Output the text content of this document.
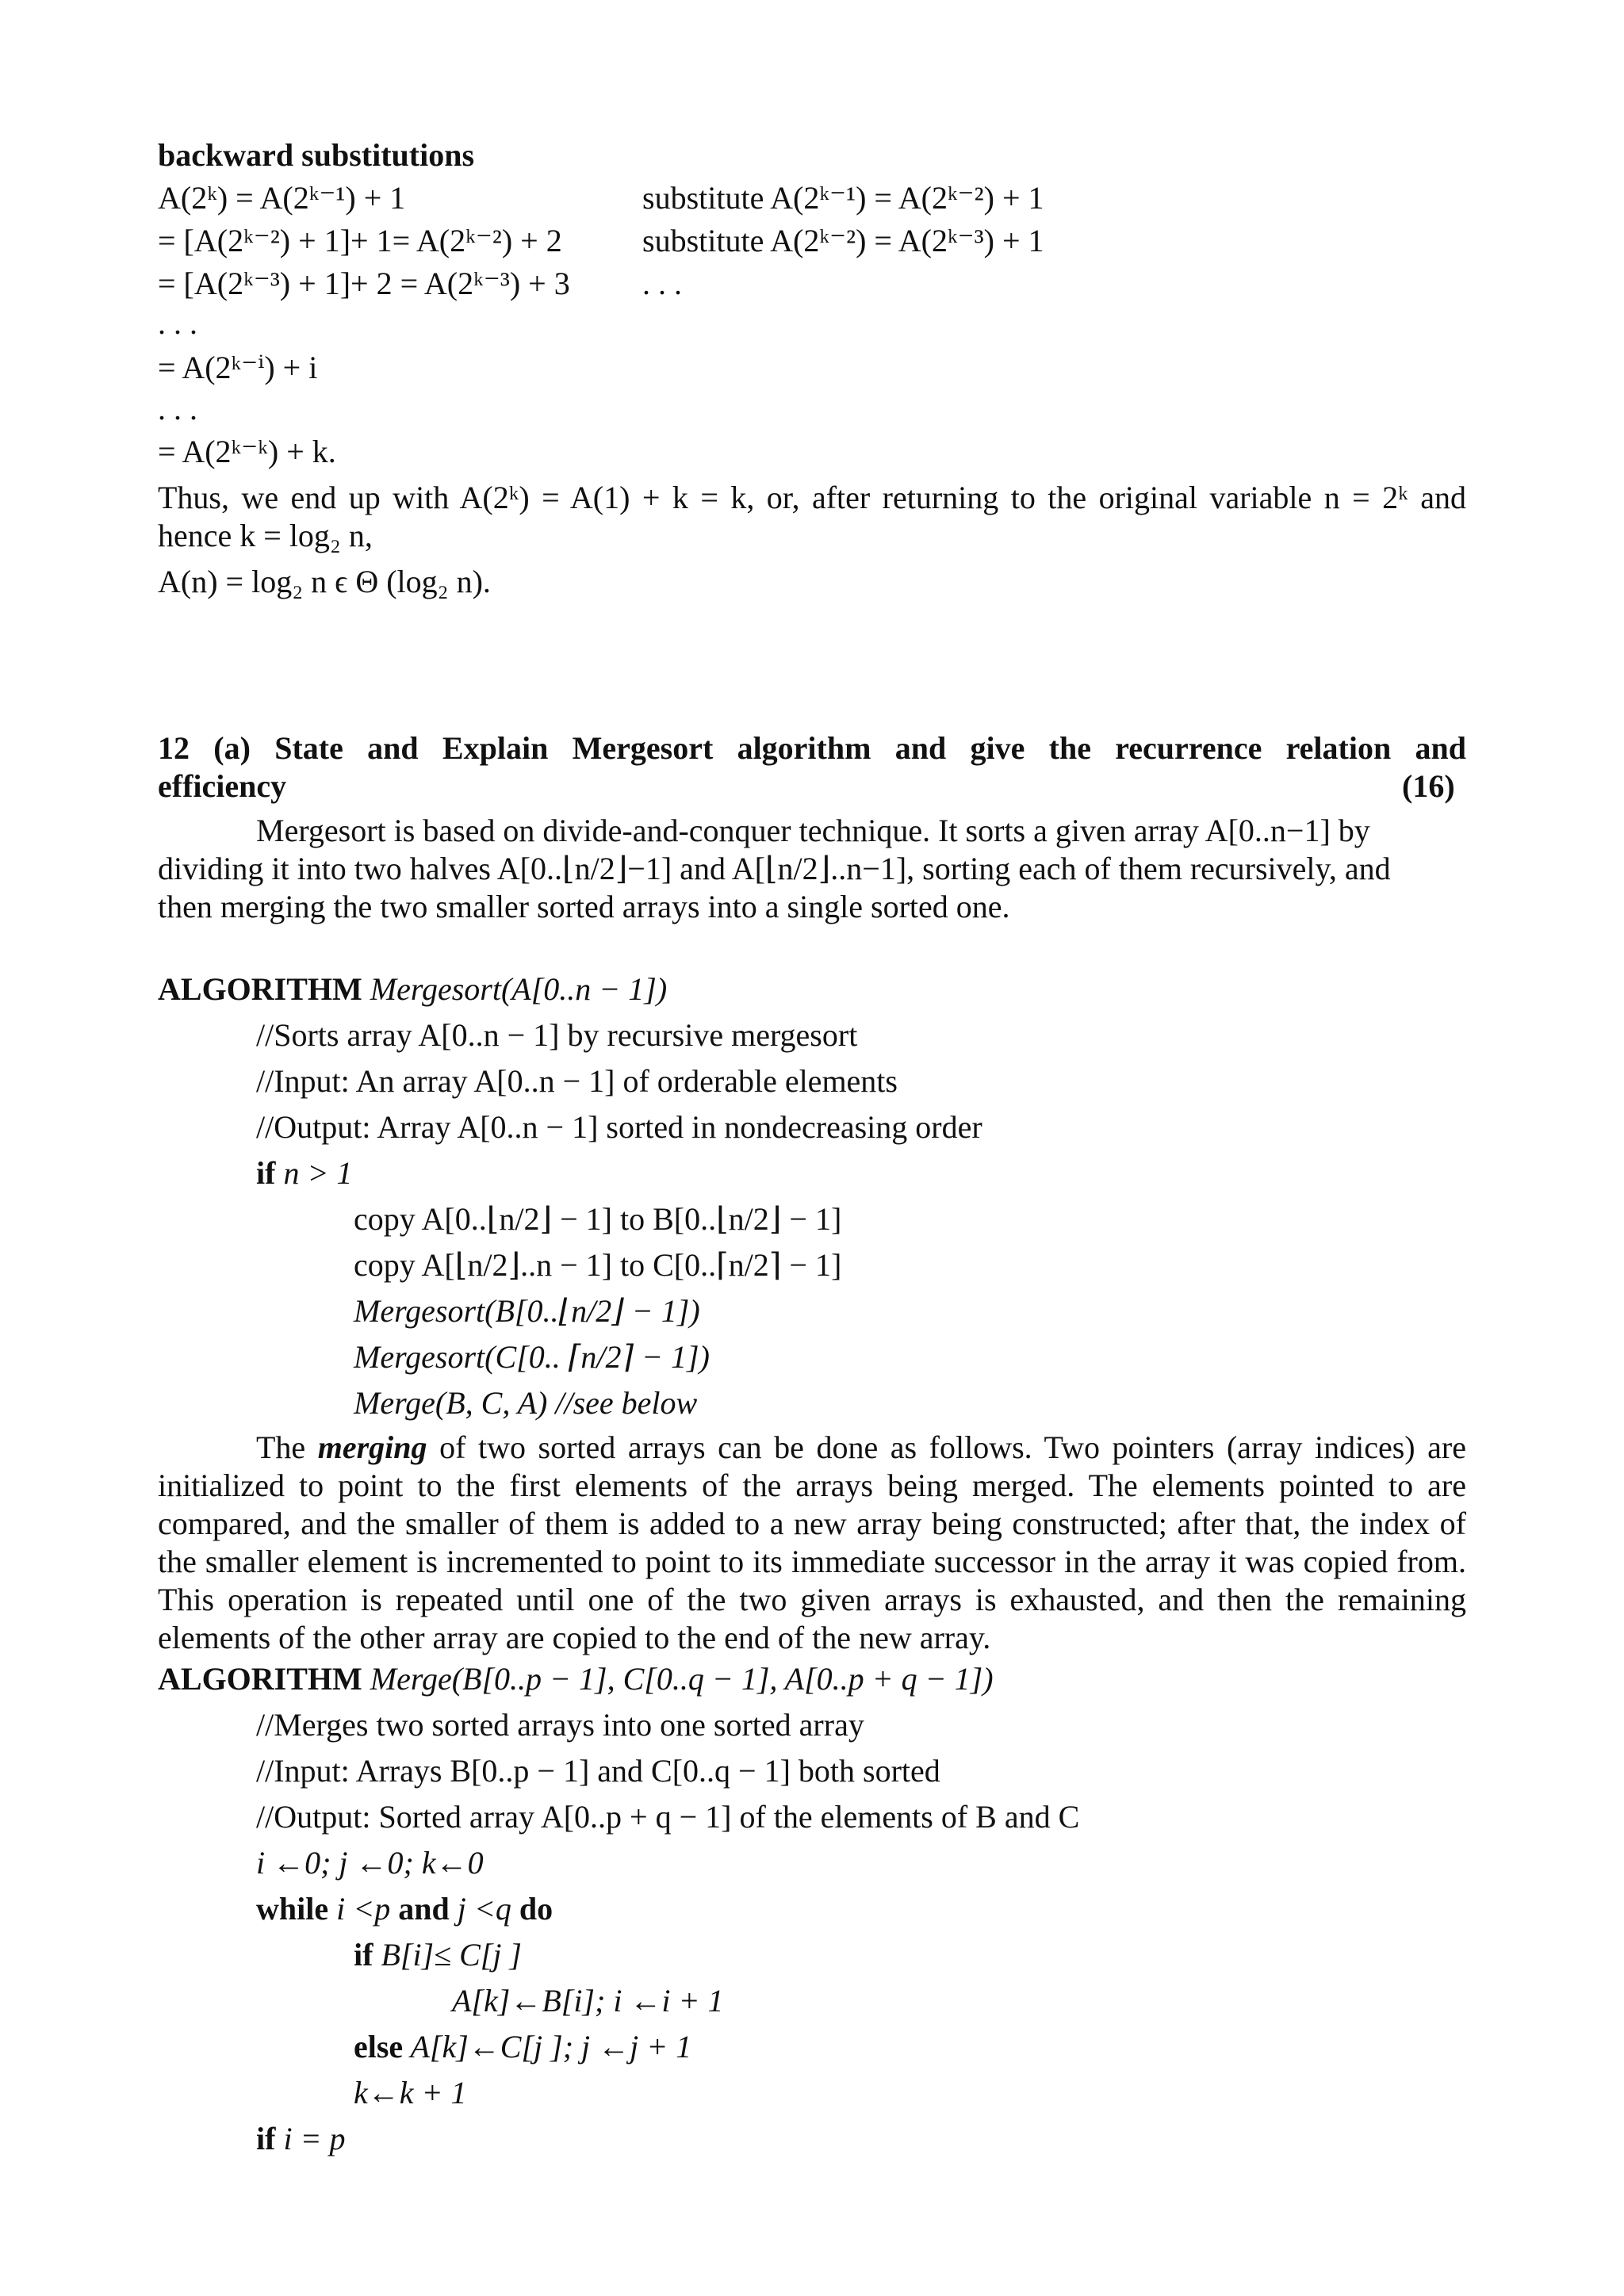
backward substitutions
A(2ᵏ) = A(2ᵏ⁻¹) + 1
= [A(2ᵏ⁻²) + 1]+ 1= A(2ᵏ⁻²) + 2
= [A(2ᵏ⁻³) + 1]+ 2 = A(2ᵏ⁻³) + 3
. . .
= A(2ᵏ⁻ⁱ) + i
. . .
= A(2ᵏ⁻ᵏ) + k.
substitute A(2ᵏ⁻¹) = A(2ᵏ⁻²) + 1
substitute A(2ᵏ⁻²) = A(2ᵏ⁻³) + 1
. . .
Thus, we end up with A(2ᵏ) = A(1) + k = k, or, after returning to the original variable n = 2ᵏ and
hence k = log₂ n,
A(n) = log₂ n ϵ Θ (log₂ n).
12 (a) State and Explain Mergesort algorithm and give the recurrence relation and
efficiency	(16)
Mergesort is based on divide-and-conquer technique. It sorts a given array A[0..n−1] by
dividing it into two halves A[0..⌊n/2⌋−1] and A[⌊n/2⌋..n−1], sorting each of them recursively, and
then merging the two smaller sorted arrays into a single sorted one.
ALGORITHM Mergesort(A[0..n − 1])
//Sorts array A[0..n − 1] by recursive mergesort
//Input: An array A[0..n − 1] of orderable elements
//Output: Array A[0..n − 1] sorted in nondecreasing order
if n > 1
copy A[0..⌊n/2⌋ − 1] to B[0..⌊n/2⌋ − 1]
copy A[⌊n/2⌋..n − 1] to C[0..⌈n/2⌉ − 1]
Mergesort(B[0..⌊n/2⌋ − 1])
Mergesort(C[0.. ⌈n/2⌉ − 1])
Merge(B, C, A) //see below
The merging of two sorted arrays can be done as follows. Two pointers (array indices) are initialized to point to the first elements of the arrays being merged. The elements pointed to are compared, and the smaller of them is added to a new array being constructed; after that, the index of the smaller element is incremented to point to its immediate successor in the array it was copied from. This operation is repeated until one of the two given arrays is exhausted, and then the remaining elements of the other array are copied to the end of the new array.
ALGORITHM Merge(B[0..p − 1], C[0..q − 1], A[0..p + q − 1])
//Merges two sorted arrays into one sorted array
//Input: Arrays B[0..p − 1] and C[0..q − 1] both sorted
//Output: Sorted array A[0..p + q − 1] of the elements of B and C
i ←0; j ←0; k←0
while i <p and j <q do
if B[i]≤ C[j ]
A[k]←B[i]; i ←i + 1
else A[k]←C[j ]; j ←j + 1
k←k + 1
if i = p
